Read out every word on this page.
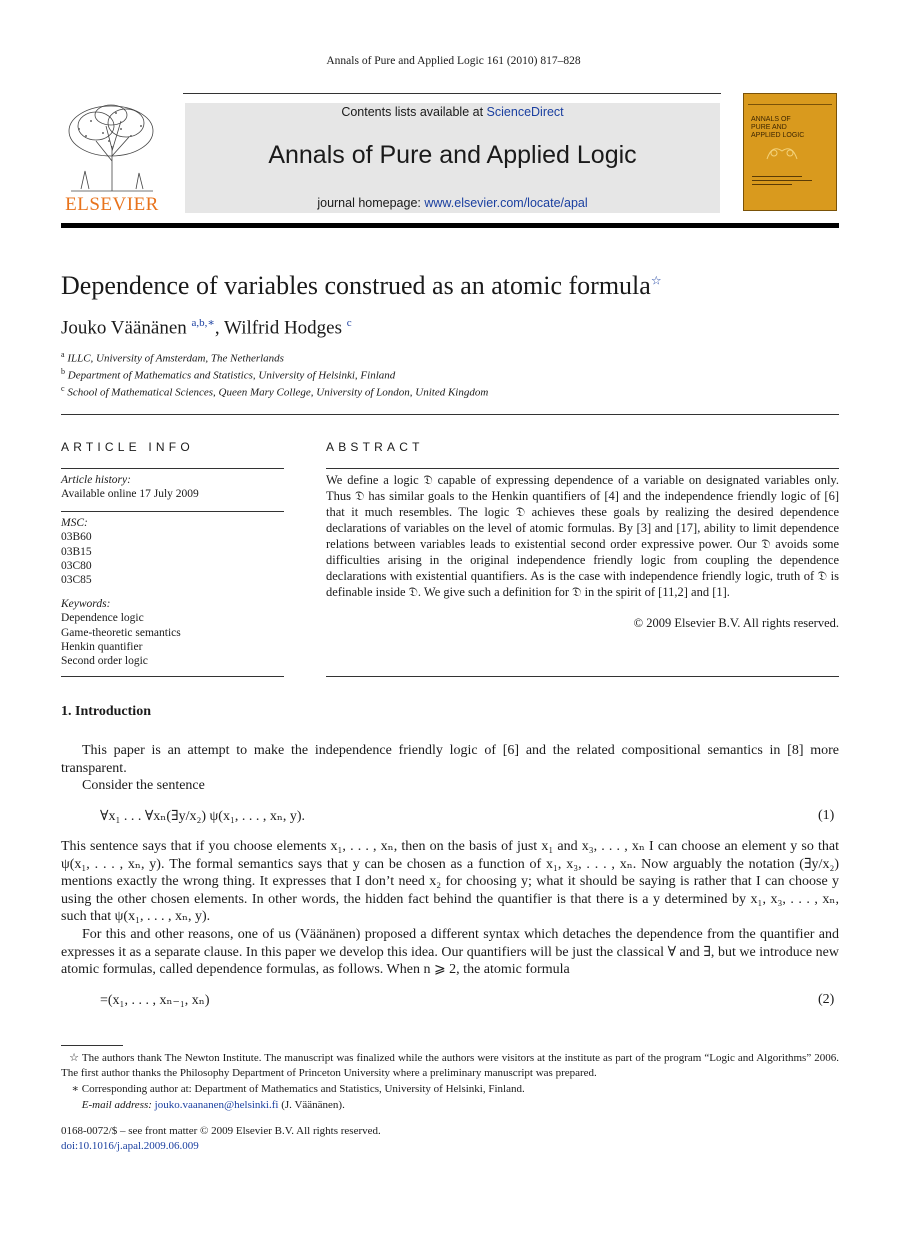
Annals of Pure and Applied Logic 161 (2010) 817–828
ELSEVIER
Contents lists available at ScienceDirect
Annals of Pure and Applied Logic
journal homepage: www.elsevier.com/locate/apal
ANNALS OF PURE AND APPLIED LOGIC
Dependence of variables construed as an atomic formula☆
Jouko Väänänen $^{a,b,∗}$, Wilfrid Hodges $^c$
$^a$ ILLC, University of Amsterdam, The Netherlands
$^b$ Department of Mathematics and Statistics, University of Helsinki, Finland
$^c$ School of Mathematical Sciences, Queen Mary College, University of London, United Kingdom
ARTICLE INFO	ABSTRACT
Article history:
Available online 17 July 2009
MSC:
03B60
03B15
03C80
03C85
Keywords:
Dependence logic
Game-theoretic semantics
Henkin quantifier
Second order logic
We define a logic 𝔇 capable of expressing dependence of a variable on designated variables only. Thus 𝔇 has similar goals to the Henkin quantifiers of [4] and the independence friendly logic of [6] that it much resembles. The logic 𝔇 achieves these goals by realizing the desired dependence declarations of variables on the level of atomic formulas. By [3] and [17], ability to limit dependence relations between variables leads to existential second order expressive power. Our 𝔇 avoids some difficulties arising in the original independence friendly logic from coupling the dependence declarations with existential quantifiers. As is the case with independence friendly logic, truth of 𝔇 is definable inside 𝔇. We give such a definition for 𝔇 in the spirit of [11,2] and [1].
© 2009 Elsevier B.V. All rights reserved.
1. Introduction
This paper is an attempt to make the independence friendly logic of [6] and the related compositional semantics in [8] more transparent.
Consider the sentence
∀x₁ . . . ∀xₙ(∃y/x₂) ψ(x₁, . . . , xₙ, y).	(1)
This sentence says that if you choose elements x₁, . . . , xₙ, then on the basis of just x₁ and x₃, . . . , xₙ I can choose an element y so that ψ(x₁, . . . , xₙ, y). The formal semantics says that y can be chosen as a function of x₁, x₃, . . . , xₙ. Now arguably the notation (∃y/x₂) mentions exactly the wrong thing. It expresses that I don’t need x₂ for choosing y; what it should be saying is rather that I can choose y using the other chosen elements. In other words, the hidden fact behind the quantifier is that there is a y determined by x₁, x₃, . . . , xₙ, such that ψ(x₁, . . . , xₙ, y).
For this and other reasons, one of us (Väänänen) proposed a different syntax which detaches the dependence from the quantifier and expresses it as a separate clause. In this paper we develop this idea. Our quantifiers will be just the classical ∀ and ∃, but we introduce new atomic formulas, called dependence formulas, as follows. When n ⩾ 2, the atomic formula
=(x₁, . . . , xₙ₋₁, xₙ)	(2)
☆ The authors thank The Newton Institute. The manuscript was finalized while the authors were visitors at the institute as part of the program “Logic and Algorithms” 2006. The first author thanks the Philosophy Department of Princeton University where a preliminary manuscript was prepared.
∗ Corresponding author at: Department of Mathematics and Statistics, University of Helsinki, Finland.
E-mail address: jouko.vaananen@helsinki.fi (J. Väänänen).
0168-0072/$ – see front matter © 2009 Elsevier B.V. All rights reserved.
doi:10.1016/j.apal.2009.06.009
